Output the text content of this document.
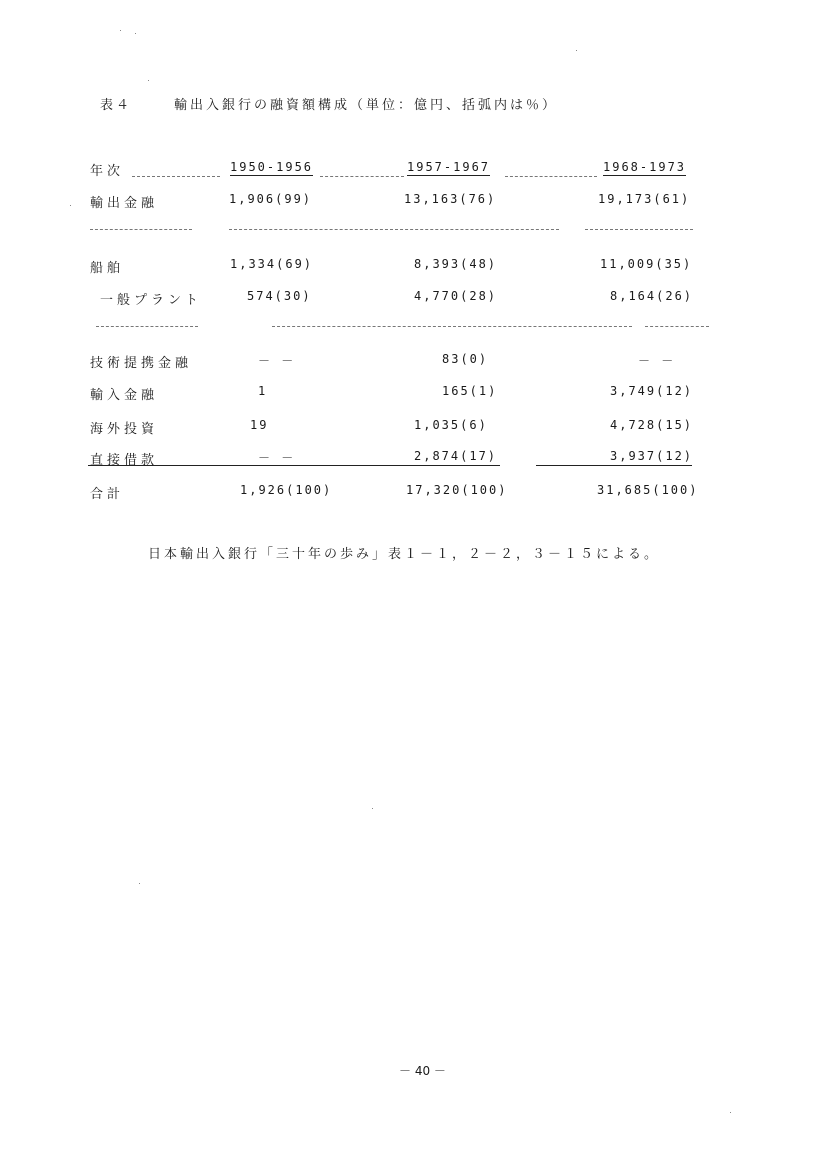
表４	輸出入銀行の融資額構成（単位：億円、括弧内は％）
年次	1950-1956	1957-1967	1968-1973
輸出金融	1,906(99)	13,163(76)	19,173(61)
船舶	1,334(69)	8,393(48)	11,009(35)
一般プラント	574(30)	4,770(28)	8,164(26)
技術提携金融	－ －	83(0)	－ －
輸入金融	1	165(1)	3,749(12)
海外投資	19	1,035(6)	4,728(15)
直接借款	－ －	2,874(17)	3,937(12)
合計	1,926(100)	17,320(100)	31,685(100)
日本輸出入銀行「三十年の歩み」表１－１，２－２，３－１５による。
－ 40 －
